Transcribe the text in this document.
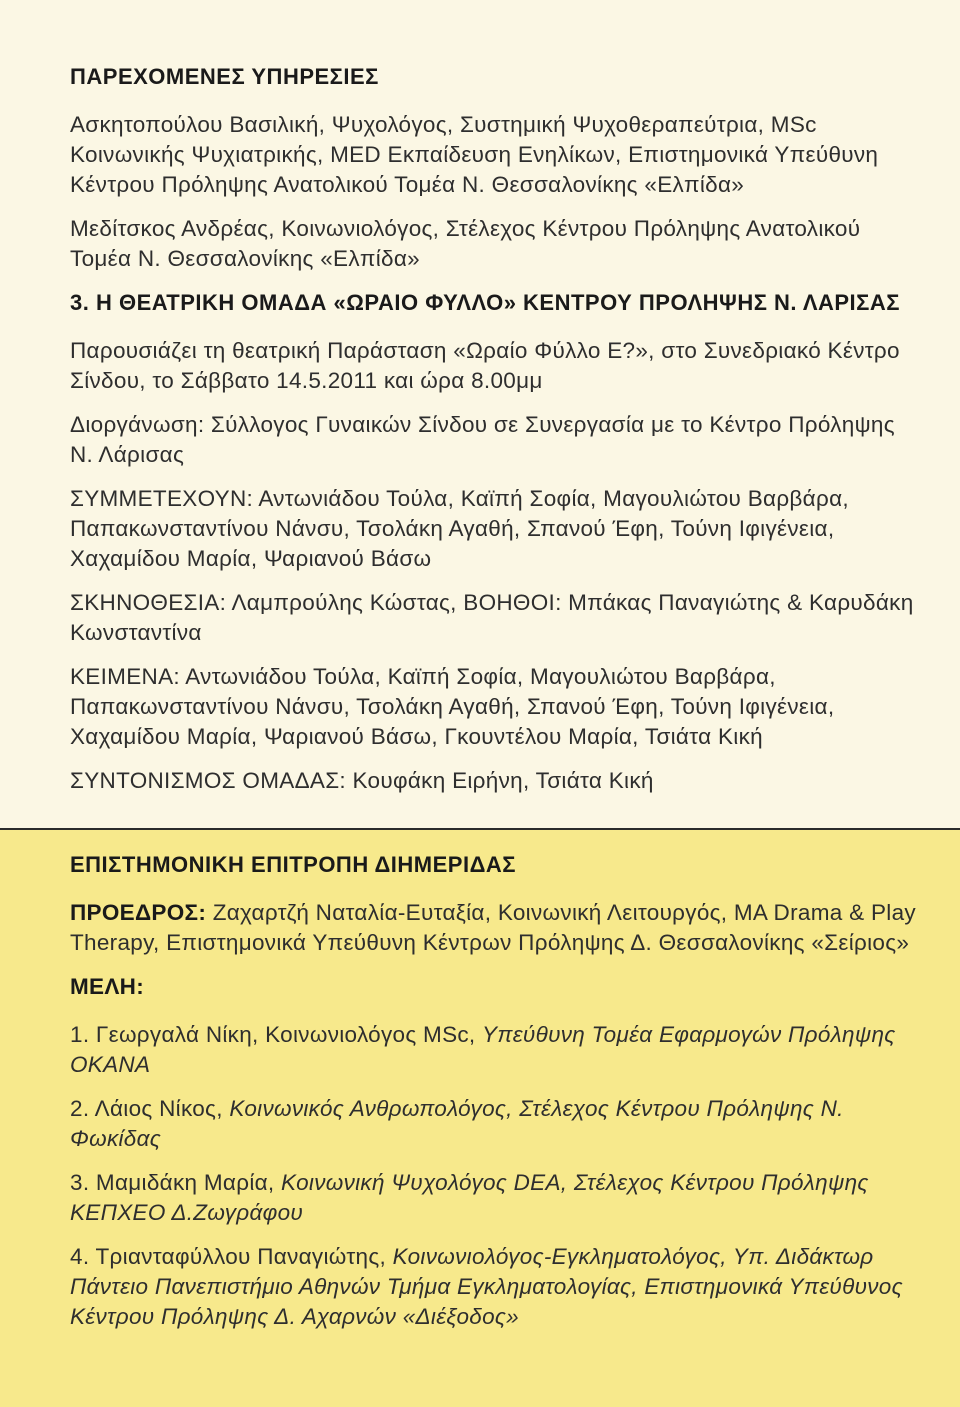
ΠΑΡΕΧΟΜΕΝΕΣ ΥΠΗΡΕΣΙΕΣ

Ασκητοπούλου Βασιλική, Ψυχολόγος, Συστημική Ψυχοθεραπεύτρια, MSc Κοινωνικής Ψυχιατρικής, MED Εκπαίδευση Ενηλίκων, Επιστημονικά Υπεύθυνη Κέντρου Πρόληψης Ανατολικού Τομέα Ν. Θεσσαλονίκης «Ελπίδα»

Μεδίτσκος Ανδρέας, Κοινωνιολόγος, Στέλεχος Κέντρου Πρόληψης Ανατολικού Τομέα Ν. Θεσσαλονίκης «Ελπίδα»

3. Η ΘΕΑΤΡΙΚΗ ΟΜΑΔΑ «ΩΡΑΙΟ ΦΥΛΛΟ» ΚΕΝΤΡΟΥ ΠΡΟΛΗΨΗΣ Ν. ΛΑΡΙΣΑΣ

Παρουσιάζει τη θεατρική Παράσταση «Ωραίο Φύλλο Ε?», στο Συνεδριακό Κέντρο Σίνδου, το Σάββατο 14.5.2011 και ώρα 8.00μμ

Διοργάνωση: Σύλλογος Γυναικών Σίνδου σε Συνεργασία με το Κέντρο Πρόληψης Ν. Λάρισας

ΣΥΜΜΕΤΕΧΟΥΝ: Αντωνιάδου Τούλα, Καϊπή Σοφία, Μαγουλιώτου Βαρβάρα, Παπακωνσταντίνου Νάνσυ, Τσολάκη Αγαθή, Σπανού Έφη, Τούνη Ιφιγένεια, Χαχαμίδου Μαρία, Ψαριανού Βάσω

ΣΚΗΝΟΘΕΣΙΑ: Λαμπρούλης Κώστας, ΒΟΗΘΟΙ: Μπάκας Παναγιώτης & Καρυδάκη Κωνσταντίνα

ΚΕΙΜΕΝΑ: Αντωνιάδου Τούλα, Καϊπή Σοφία, Μαγουλιώτου Βαρβάρα, Παπακωνσταντίνου Νάνσυ, Τσολάκη Αγαθή, Σπανού Έφη, Τούνη Ιφιγένεια, Χαχαμίδου Μαρία, Ψαριανού Βάσω, Γκουντέλου Μαρία, Τσιάτα Κική

ΣΥΝΤΟΝΙΣΜΟΣ ΟΜΑΔΑΣ: Κουφάκη Ειρήνη, Τσιάτα Κική

ΕΠΙΣΤΗΜΟΝΙΚΗ ΕΠΙΤΡΟΠΗ ΔΙΗΜΕΡΙΔΑΣ

ΠΡΟΕΔΡΟΣ: Ζαχαρτζή Ναταλία-Ευταξία, Κοινωνική Λειτουργός, MA Drama & Play Therapy, Επιστημονικά Υπεύθυνη Κέντρων Πρόληψης Δ. Θεσσαλονίκης «Σείριος»

ΜΕΛΗ:

1. Γεωργαλά Νίκη, Κοινωνιολόγος MSc, Υπεύθυνη Τομέα Εφαρμογών Πρόληψης ΟΚΑΝΑ

2. Λάιος Νίκος, Κοινωνικός Ανθρωπολόγος, Στέλεχος Κέντρου Πρόληψης Ν. Φωκίδας

3. Μαμιδάκη Μαρία, Κοινωνική Ψυχολόγος DEA, Στέλεχος Κέντρου Πρόληψης ΚΕΠΧΕΟ Δ.Ζωγράφου

4. Τριανταφύλλου Παναγιώτης, Κοινωνιολόγος-Εγκληματολόγος, Υπ. Διδάκτωρ Πάντειο Πανεπιστήμιο Αθηνών Τμήμα Εγκληματολογίας, Επιστημονικά Υπεύθυνος Κέντρου Πρόληψης Δ. Αχαρνών «Διέξοδος»
